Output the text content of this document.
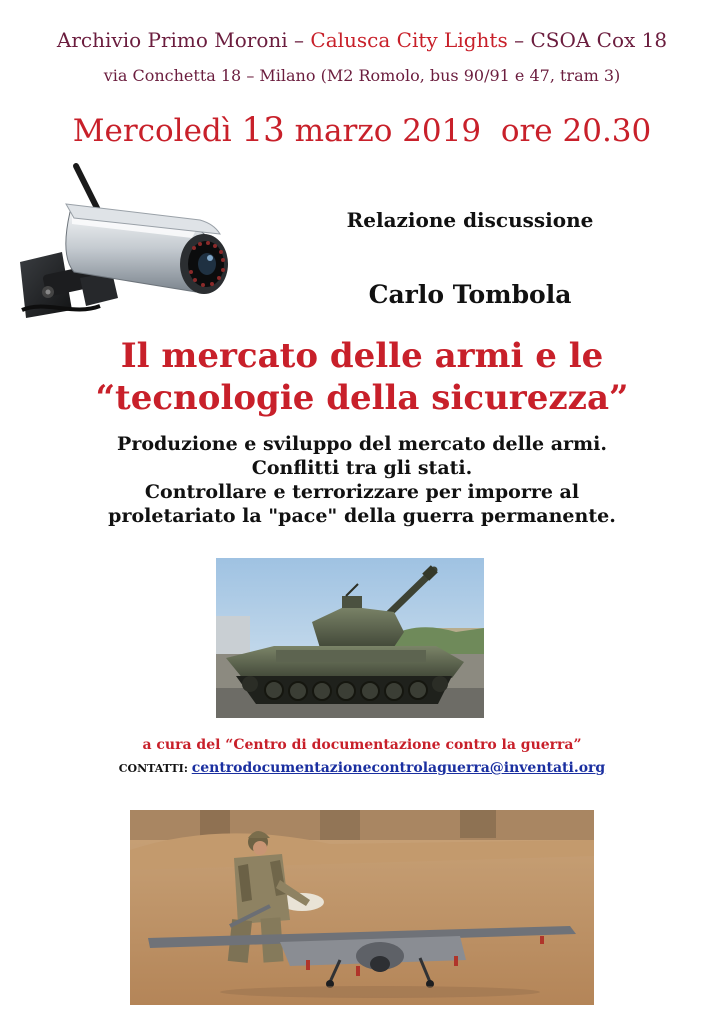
Archivio Primo Moroni – Calusca City Lights – CSOA Cox 18
via Conchetta 18 – Milano (M2 Romolo, bus 90/91 e 47, tram 3)
Mercoledì 13 marzo 2019  ore 20.30
Relazione discussione
Carlo Tombola
Il mercato delle armi e le
“tecnologie della sicurezza”
Produzione e sviluppo del mercato delle armi.
Conflitti tra gli stati.
Controllare e terrorizzare per imporre al
proletariato la "pace" della guerra permanente.
a cura del “Centro di documentazione contro la guerra”
CONTATTI: centrodocumentazionecontrolaguerra@inventati.org
